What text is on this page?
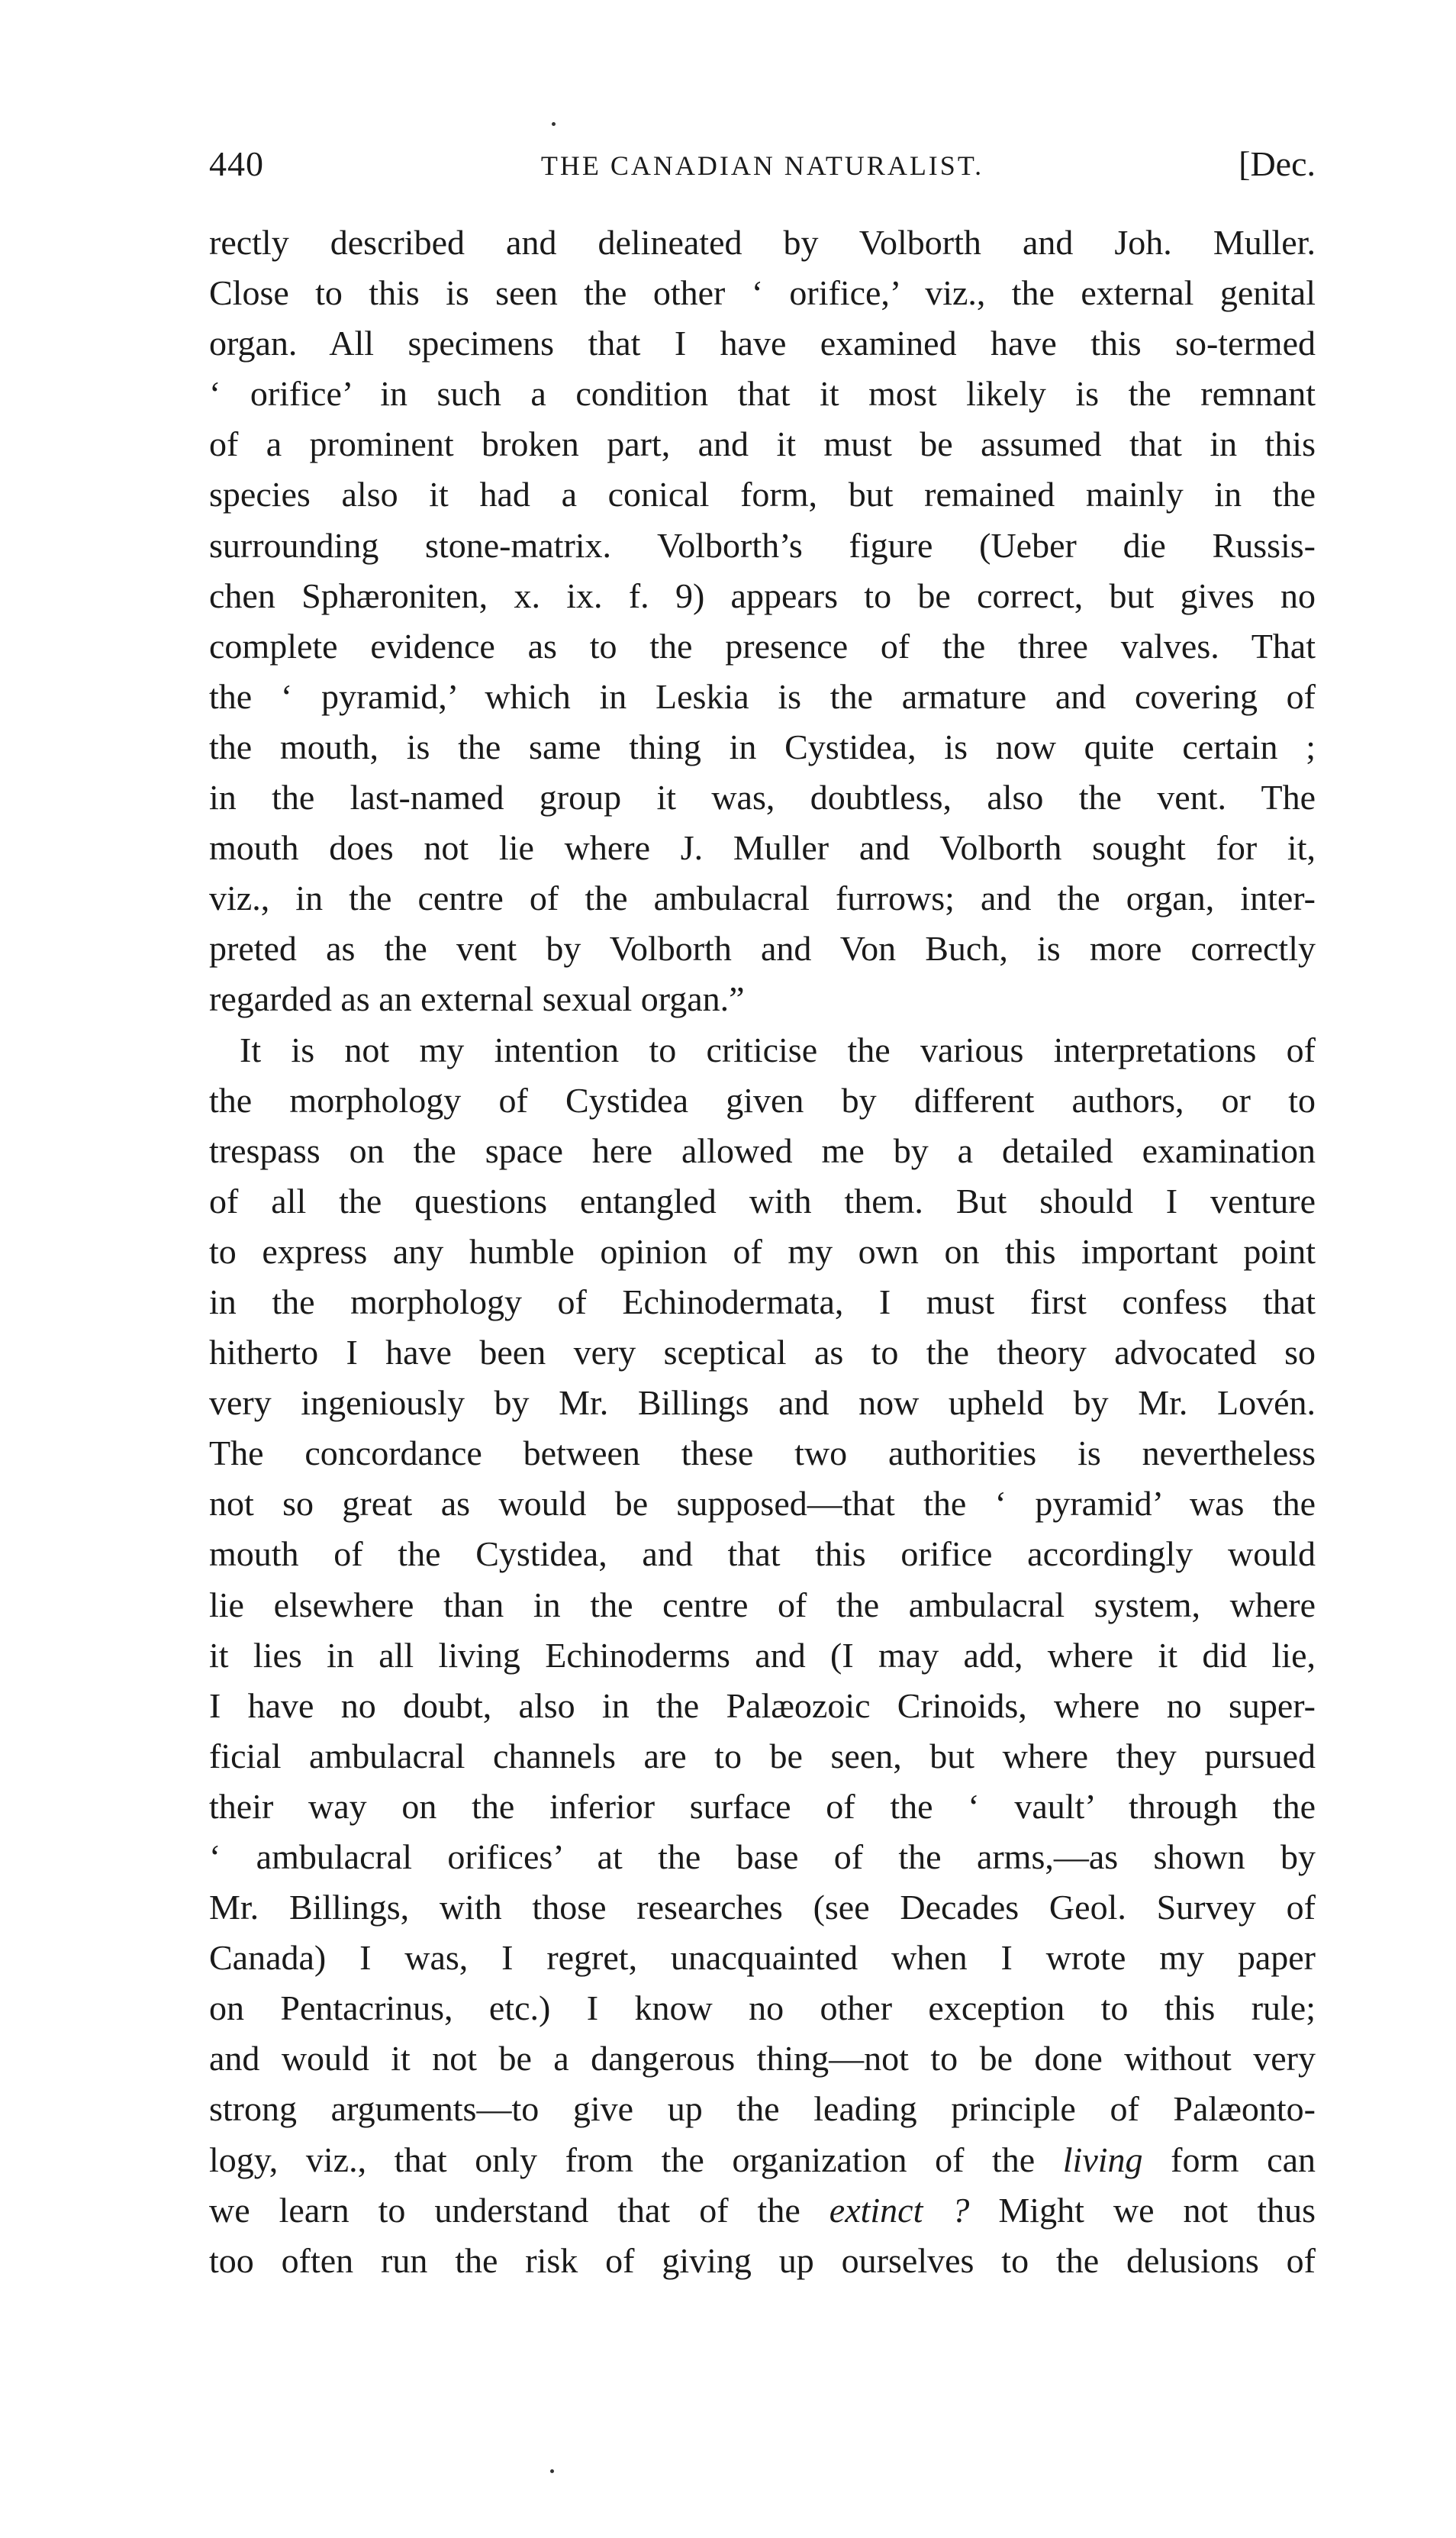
440	THE CANADIAN NATURALIST.	[Dec.
rectly described and delineated by Volborth and Joh. Muller.
Close to this is seen the other ‘ orifice,’ viz., the external genital
organ. All specimens that I have examined have this so-termed
‘ orifice’ in such a condition that it most likely is the remnant
of a prominent broken part, and it must be assumed that in this
species also it had a conical form, but remained mainly in the
surrounding stone-matrix. Volborth’s figure (Ueber die Russis-
chen Sphæroniten, x. ix. f. 9) appears to be correct, but gives no
complete evidence as to the presence of the three valves. That
the ‘ pyramid,’ which in Leskia is the armature and covering of
the mouth, is the same thing in Cystidea, is now quite certain ;
in the last-named group it was, doubtless, also the vent. The
mouth does not lie where J. Muller and Volborth sought for it,
viz., in the centre of the ambulacral furrows; and the organ, inter-
preted as the vent by Volborth and Von Buch, is more correctly
regarded as an external sexual organ.”
It is not my intention to criticise the various interpretations of
the morphology of Cystidea given by different authors, or to
trespass on the space here allowed me by a detailed examination
of all the questions entangled with them. But should I venture
to express any humble opinion of my own on this important point
in the morphology of Echinodermata, I must first confess that
hitherto I have been very sceptical as to the theory advocated so
very ingeniously by Mr. Billings and now upheld by Mr. Lovén.
The concordance between these two authorities is nevertheless
not so great as would be supposed—that the ‘ pyramid’ was the
mouth of the Cystidea, and that this orifice accordingly would
lie elsewhere than in the centre of the ambulacral system, where
it lies in all living Echinoderms and (I may add, where it did lie,
I have no doubt, also in the Palæozoic Crinoids, where no super-
ficial ambulacral channels are to be seen, but where they pursued
their way on the inferior surface of the ‘ vault’ through the
‘ ambulacral orifices’ at the base of the arms,—as shown by
Mr. Billings, with those researches (see Decades Geol. Survey of
Canada) I was, I regret, unacquainted when I wrote my paper
on Pentacrinus, etc.) I know no other exception to this rule;
and would it not be a dangerous thing—not to be done without very
strong arguments—to give up the leading principle of Palæonto-
logy, viz., that only from the organization of the living form can
we learn to understand that of the extinct ? Might we not thus
too often run the risk of giving up ourselves to the delusions of
